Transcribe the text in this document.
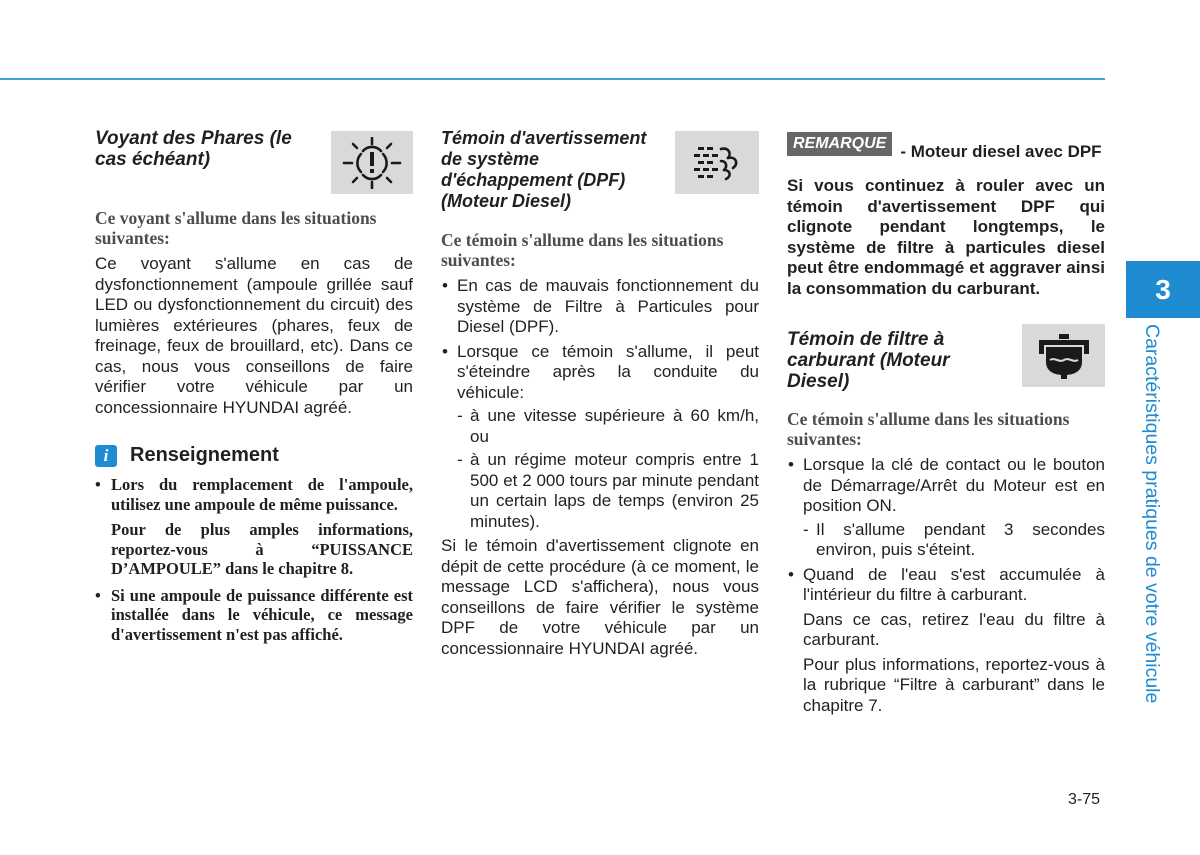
Voyant des Phares (le cas échéant)
Ce voyant s'allume dans les situations suivantes:

Ce voyant s'allume en cas de dysfonctionnement (ampoule grillée sauf LED ou dysfonctionnement du circuit) des lumières extérieures (phares, feux de freinage, feux de brouillard, etc). Dans ce cas, nous vous conseillons de faire vérifier votre véhicule par un concessionnaire HYUNDAI agréé.

i	Renseignement

• Lors du remplacement de l'ampoule, utilisez une ampoule de même puissance.

Pour de plus amples informations, reportez-vous à “PUISSANCE D’AMPOULE” dans le chapitre 8.

• Si une ampoule de puissance différente est installée dans le véhicule, ce message d'avertissement n'est pas affiché.

Témoin d'avertissement de système d'échappement (DPF) (Moteur Diesel)
Ce témoin s'allume dans les situations suivantes:
• En cas de mauvais fonctionnement du système de Filtre à Particules pour Diesel (DPF).
• Lorsque ce témoin s'allume, il peut s'éteindre après la conduite du véhicule:
- à une vitesse supérieure à 60 km/h, ou
- à un régime moteur compris entre 1 500 et 2 000 tours par minute pendant un certain laps de temps (environ 25 minutes).

Si le témoin d'avertissement clignote en dépit de cette procédure (à ce moment, le message LCD s'affichera), nous vous conseillons de faire vérifier le système DPF de votre véhicule par un concessionnaire HYUNDAI agréé.

REMARQUE - Moteur diesel avec DPF

Si vous continuez à rouler avec un témoin d'avertissement DPF qui clignote pendant longtemps, le système de filtre à particules diesel peut être endommagé et aggraver ainsi la consommation du carburant.

Témoin de filtre à carburant (Moteur Diesel)
Ce témoin s'allume dans les situations suivantes:
• Lorsque la clé de contact ou le bouton de Démarrage/Arrêt du Moteur est en position ON.
- Il s'allume pendant 3 secondes environ, puis s'éteint.
• Quand de l'eau s'est accumulée à l'intérieur du filtre à carburant.

Dans ce cas, retirez l'eau du filtre à carburant.

Pour plus informations, reportez-vous à la rubrique “Filtre à carburant” dans le chapitre 7.

3
Caractéristiques pratiques de votre véhicule
3-75
